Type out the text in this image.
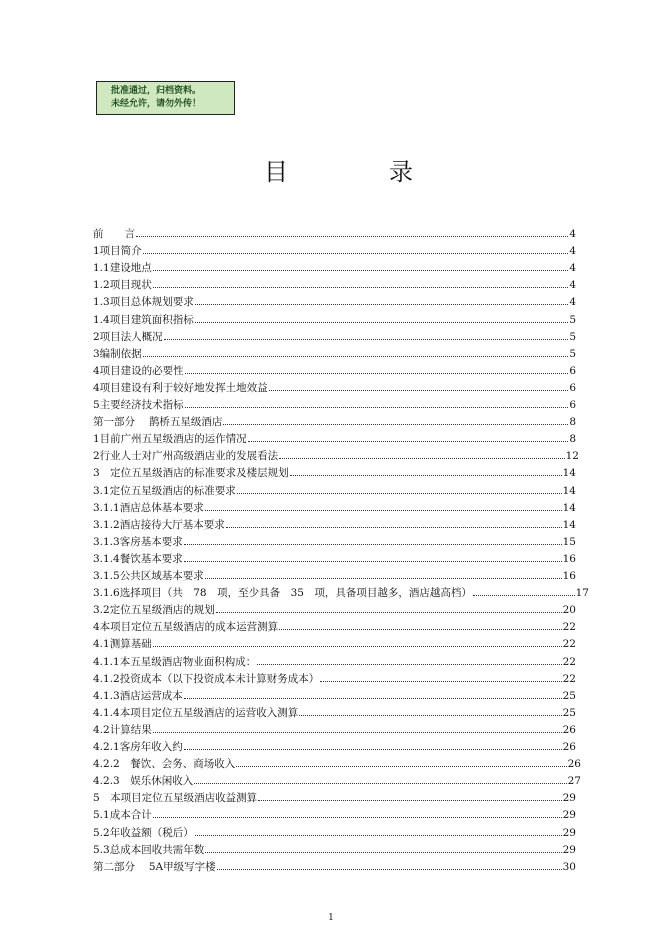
批准通过，归档资料。
未经允许，请勿外传！
目	录
前　　言	4
1项目简介	4
1.1建设地点	4
1.2项目现状	4
1.3项目总体规划要求	4
1.4项目建筑面积指标	5
2项目法人概况	5
3编制依据	5
4项目建设的必要性	6
4项目建设有利于较好地发挥土地效益	6
5主要经济技术指标	6
第一部分　 鹊桥五星级酒店	8
1目前广州五星级酒店的运作情况	8
2行业人士对广州高级酒店业的发展看法	12
3　定位五星级酒店的标准要求及楼层规划	14
3.1定位五星级酒店的标准要求	14
3.1.1酒店总体基本要求	14
3.1.2酒店接待大厅基本要求	14
3.1.3客房基本要求	15
3.1.4餐饮基本要求	16
3.1.5公共区域基本要求	16
3.1.6选择项目（共　78　项，至少具备　35　项，具备项目越多，酒店越高档）	17
3.2定位五星级酒店的规划	20
4本项目定位五星级酒店的成本运营测算	22
4.1测算基础	22
4.1.1本五星级酒店物业面积构成：	22
4.1.2投资成本（以下投资成本未计算财务成本）	22
4.1.3酒店运营成本	25
4.1.4本项目定位五星级酒店的运营收入测算	25
4.2计算结果	26
4.2.1客房年收入约	26
4.2.2　餐饮、会务、商场收入	26
4.2.3　娱乐休闲收入	27
5　本项目定位五星级酒店收益测算	29
5.1成本合计	29
5.2年收益额（税后）	29
5.3总成本回收共需年数	29
第二部分　 5A甲级写字楼	30
1
